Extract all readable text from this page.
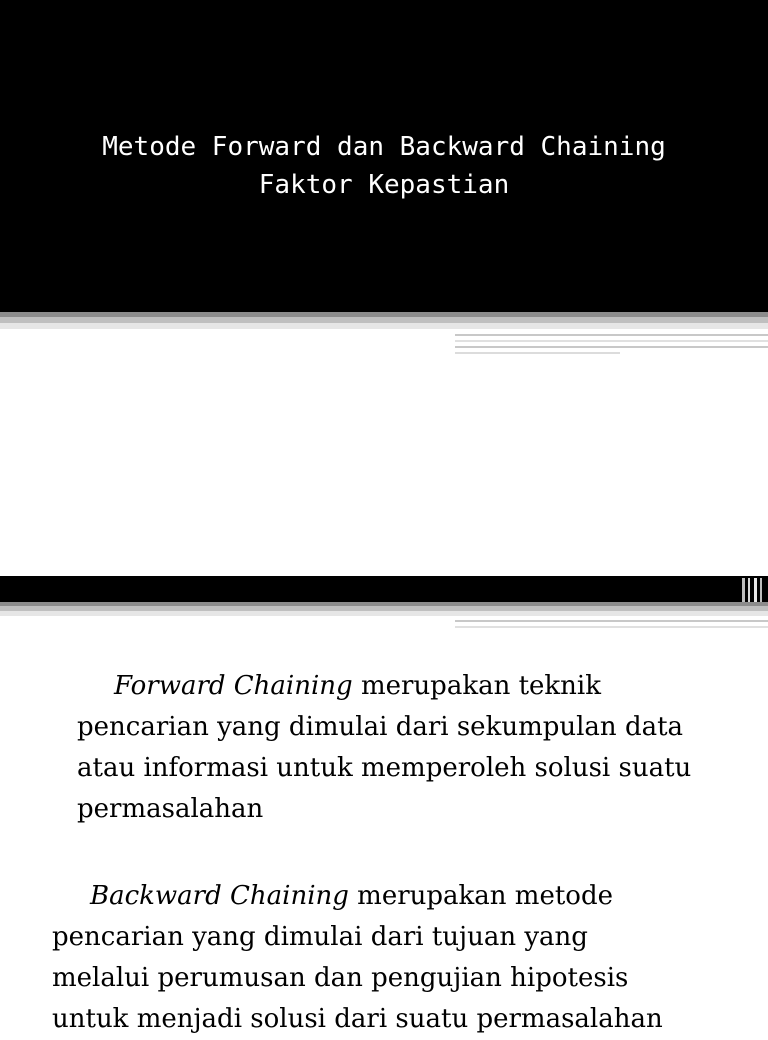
Metode Forward dan Backward Chaining
Faktor Kepastian
Forward Chaining merupakan teknik
pencarian yang dimulai dari sekumpulan data
atau informasi untuk memperoleh solusi suatu
permasalahan
Backward Chaining merupakan metode
pencarian yang dimulai dari tujuan yang
melalui perumusan dan pengujian hipotesis
untuk menjadi solusi dari suatu permasalahan
